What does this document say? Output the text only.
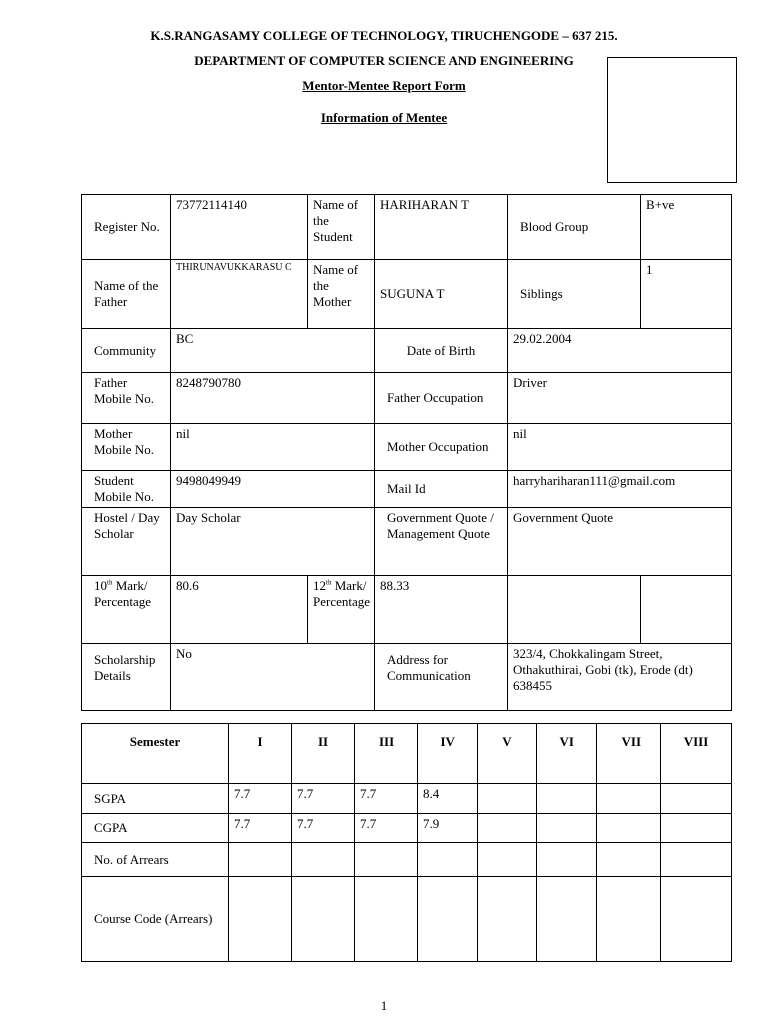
K.S.RANGASAMY COLLEGE OF TECHNOLOGY, TIRUCHENGODE – 637 215.
DEPARTMENT OF COMPUTER SCIENCE AND ENGINEERING
Mentor-Mentee Report Form
Information of Mentee
Register No.	73772114140	Name of the Student	HARIHARAN T	Blood Group	B+ve
Name of the Father	THIRUNAVUKKARASU C	Name of the Mother	SUGUNA T	Siblings	1
Community	BC		Date of Birth	29.02.2004	
Father Mobile No.	8248790780		Father Occupation	Driver	
Mother Mobile No.	nil		Mother Occupation	nil	
Student Mobile No.	9498049949		Mail Id	harryhariharan111@gmail.com	
Hostel / Day Scholar	Day Scholar		Government Quote / Management Quote	Government Quote	
10th Mark/ Percentage	80.6	12th Mark/ Percentage	88.33		
Scholarship Details	No		Address for Communication	323/4, Chokkalingam Street, Othakuthirai, Gobi (tk), Erode (dt) 638455	
Semester	I	II	III	IV	V	VI	VII	VIII
SGPA	7.7	7.7	7.7	8.4				
CGPA	7.7	7.7	7.7	7.9				
No. of Arrears								
Course Code (Arrears)								
1
